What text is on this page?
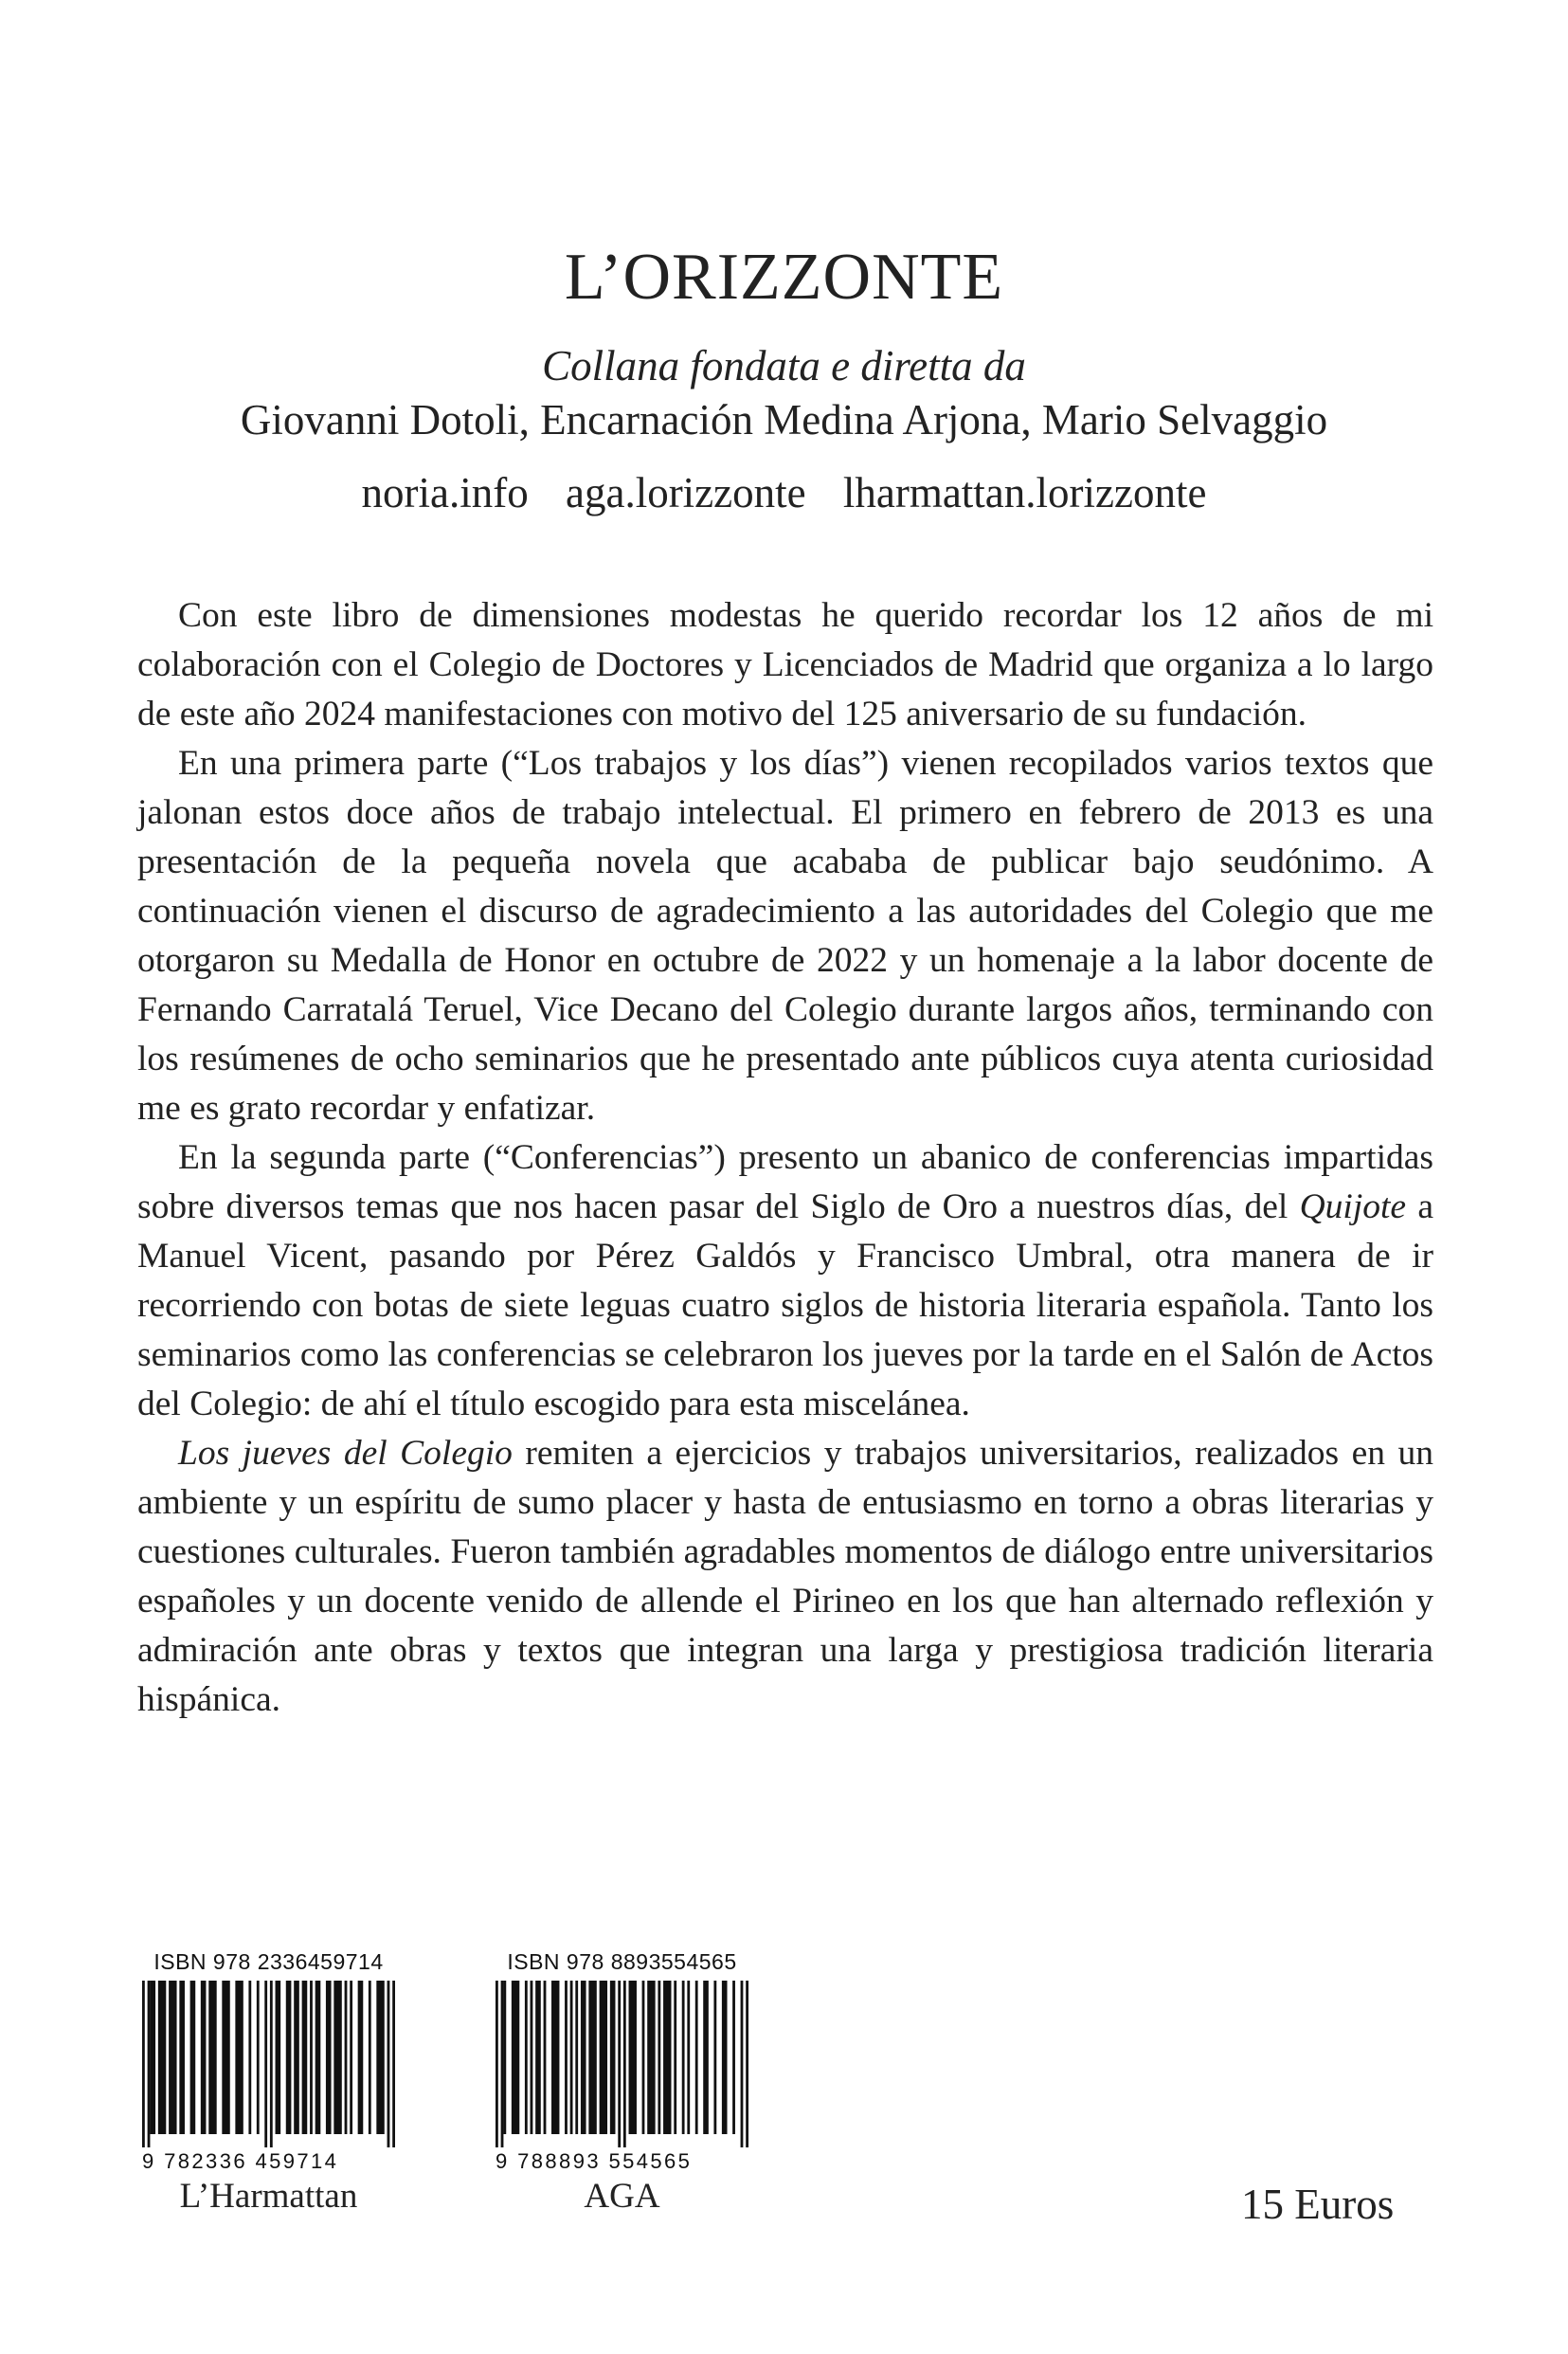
L’ORIZZONTE
Collana fondata e diretta da
Giovanni Dotoli, Encarnación Medina Arjona, Mario Selvaggio
noria.info aga.lorizzonte lharmattan.lorizzonte

Con este libro de dimensiones modestas he querido recordar los 12 años de mi colaboración con el Colegio de Doctores y Licenciados de Madrid que organiza a lo largo de este año 2024 manifestaciones con motivo del 125 aniversario de su fundación.

En una primera parte (“Los trabajos y los días”) vienen recopilados varios textos que jalonan estos doce años de trabajo intelectual. El primero en febrero de 2013 es una presentación de la pequeña novela que acababa de publicar bajo seudónimo. A continuación vienen el discurso de agradecimiento a las autoridades del Colegio que me otorgaron su Medalla de Honor en octubre de 2022 y un homenaje a la labor docente de Fernando Carratalá Teruel, Vice Decano del Colegio durante largos años, terminando con los resúmenes de ocho seminarios que he presentado ante públicos cuya atenta curiosidad me es grato recordar y enfatizar.

En la segunda parte (“Conferencias”) presento un abanico de conferencias impartidas sobre diversos temas que nos hacen pasar del Siglo de Oro a nuestros días, del Quijote a Manuel Vicent, pasando por Pérez Galdós y Francisco Umbral, otra manera de ir recorriendo con botas de siete leguas cuatro siglos de historia literaria española. Tanto los seminarios como las conferencias se celebraron los jueves por la tarde en el Salón de Actos del Colegio: de ahí el título escogido para esta miscelánea.

Los jueves del Colegio remiten a ejercicios y trabajos universitarios, realizados en un ambiente y un espíritu de sumo placer y hasta de entusiasmo en torno a obras literarias y cuestiones culturales. Fueron también agradables momentos de diálogo entre universitarios españoles y un docente venido de allende el Pirineo en los que han alternado reflexión y admiración ante obras y textos que integran una larga y prestigiosa tradición literaria hispánica.

ISBN 978 2336459714
9 782336 459714
L’Harmattan
ISBN 978 8893554565
9 788893 554565
AGA	15 Euros
